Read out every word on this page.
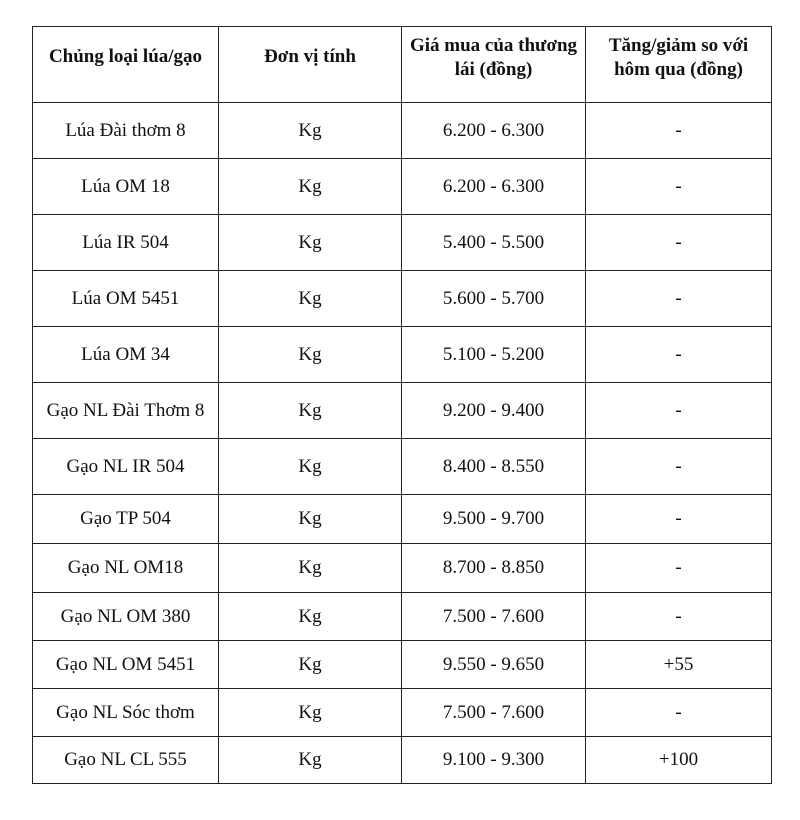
Chủng loại lúa/gạo	Đơn vị tính	Giá mua của thương lái (đồng)	Tăng/giảm so với hôm qua (đồng)
Lúa Đài thơm 8	Kg	6.200 - 6.300	-
Lúa OM 18	Kg	6.200 - 6.300	-
Lúa IR 504	Kg	5.400 - 5.500	-
Lúa OM 5451	Kg	5.600 - 5.700	-
Lúa OM 34	Kg	5.100 - 5.200	-
Gạo NL Đài Thơm 8	Kg	9.200 - 9.400	-
Gạo NL IR 504	Kg	8.400 - 8.550	-
Gạo TP 504	Kg	9.500 - 9.700	-
Gạo NL OM18	Kg	8.700 - 8.850	-
Gạo NL OM 380	Kg	7.500 - 7.600	-
Gạo NL OM 5451	Kg	9.550 - 9.650	+55
Gạo NL Sóc thơm	Kg	7.500 - 7.600	-
Gạo NL CL 555	Kg	9.100 - 9.300	+100
